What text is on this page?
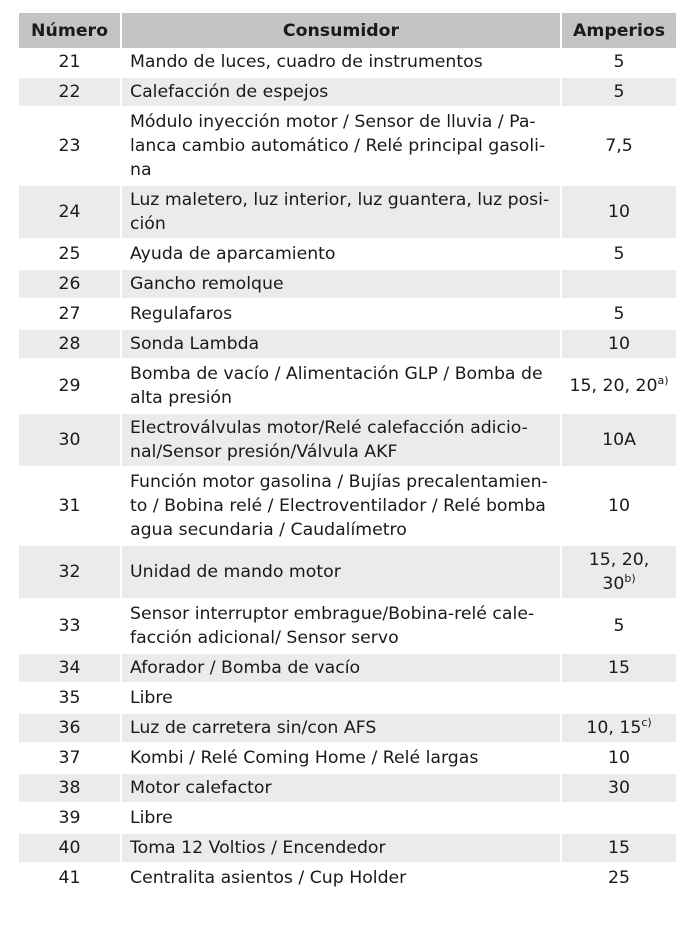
Número	Consumidor	Amperios
21	Mando de luces, cuadro de instrumentos	5
22	Calefacción de espejos	5
23	Módulo inyección motor / Sensor de lluvia / Pa-
lanca cambio automático / Relé principal gasoli-
na	7,5
24	Luz maletero, luz interior, luz guantera, luz posi-
ción	10
25	Ayuda de aparcamiento	5
26	Gancho remolque	

27	Regulafaros	5
28	Sonda Lambda	10
29	Bomba de vacío / Alimentación GLP / Bomba de
alta presión	15, 20, 20$^{a)}$
30	Electroválvulas motor/Relé calefacción adicio-
nal/Sensor presión/Válvula AKF	10A
31	Función motor gasolina / Bujías precalentamien-
to / Bobina relé / Electroventilador / Relé bomba
agua secundaria / Caudalímetro	10
32	Unidad de mando motor	15, 20,
30$^{b)}$
33	Sensor interruptor embrague/Bobina-relé cale-
facción adicional/ Sensor servo	5
34	Aforador / Bomba de vacío	15
35	Libre	

36	Luz de carretera sin/con AFS	10, 15$^{c)}$
37	Kombi / Relé Coming Home / Relé largas	10
38	Motor calefactor	30
39	Libre	

40	Toma 12 Voltios / Encendedor	15
41	Centralita asientos / Cup Holder	25
